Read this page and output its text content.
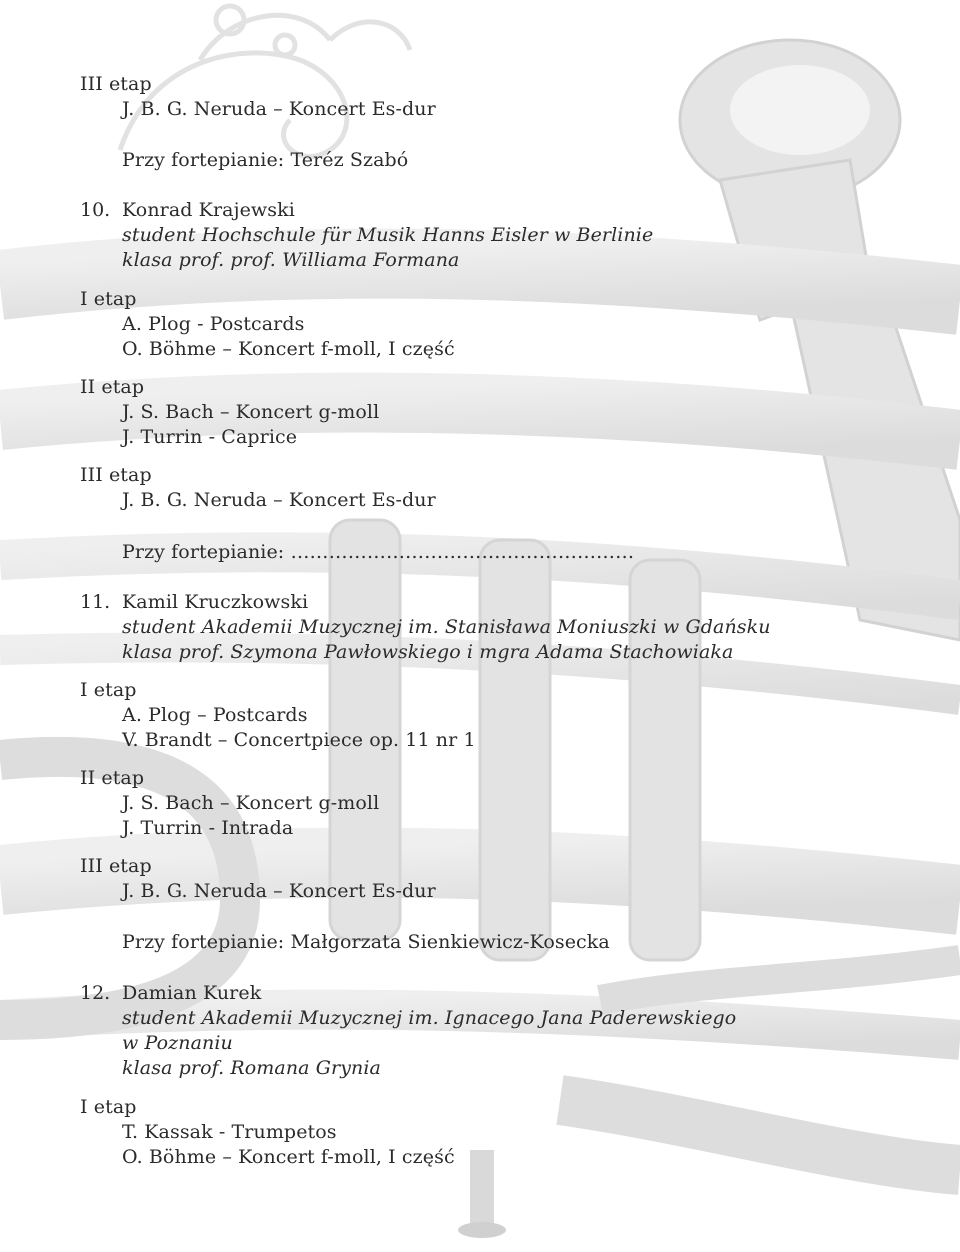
III etap
J. B. G. Neruda – Koncert Es-dur
Przy fortepianie: Teréz Szabó
10. Konrad Krajewski
student Hochschule für Musik Hanns Eisler w Berlinie
klasa prof. prof. Williama Formana
I etap
A. Plog - Postcards
O. Böhme – Koncert f-moll, I część
II etap
J. S. Bach – Koncert g-moll
J. Turrin - Caprice
III etap
J. B. G. Neruda – Koncert Es-dur
Przy fortepianie: ………………………………………………
11. Kamil Kruczkowski
student Akademii Muzycznej im. Stanisława Moniuszki w Gdańsku
klasa prof. Szymona Pawłowskiego i mgra Adama Stachowiaka
I etap
A. Plog – Postcards
V. Brandt – Concertpiece op. 11 nr 1
II etap
J. S. Bach – Koncert g-moll
J. Turrin - Intrada
III etap
J. B. G. Neruda – Koncert Es-dur
Przy fortepianie: Małgorzata Sienkiewicz-Kosecka
12. Damian Kurek
student Akademii Muzycznej im. Ignacego Jana Paderewskiego
w Poznaniu
klasa prof. Romana Grynia
I etap
T. Kassak - Trumpetos
O. Böhme – Koncert f-moll, I część
